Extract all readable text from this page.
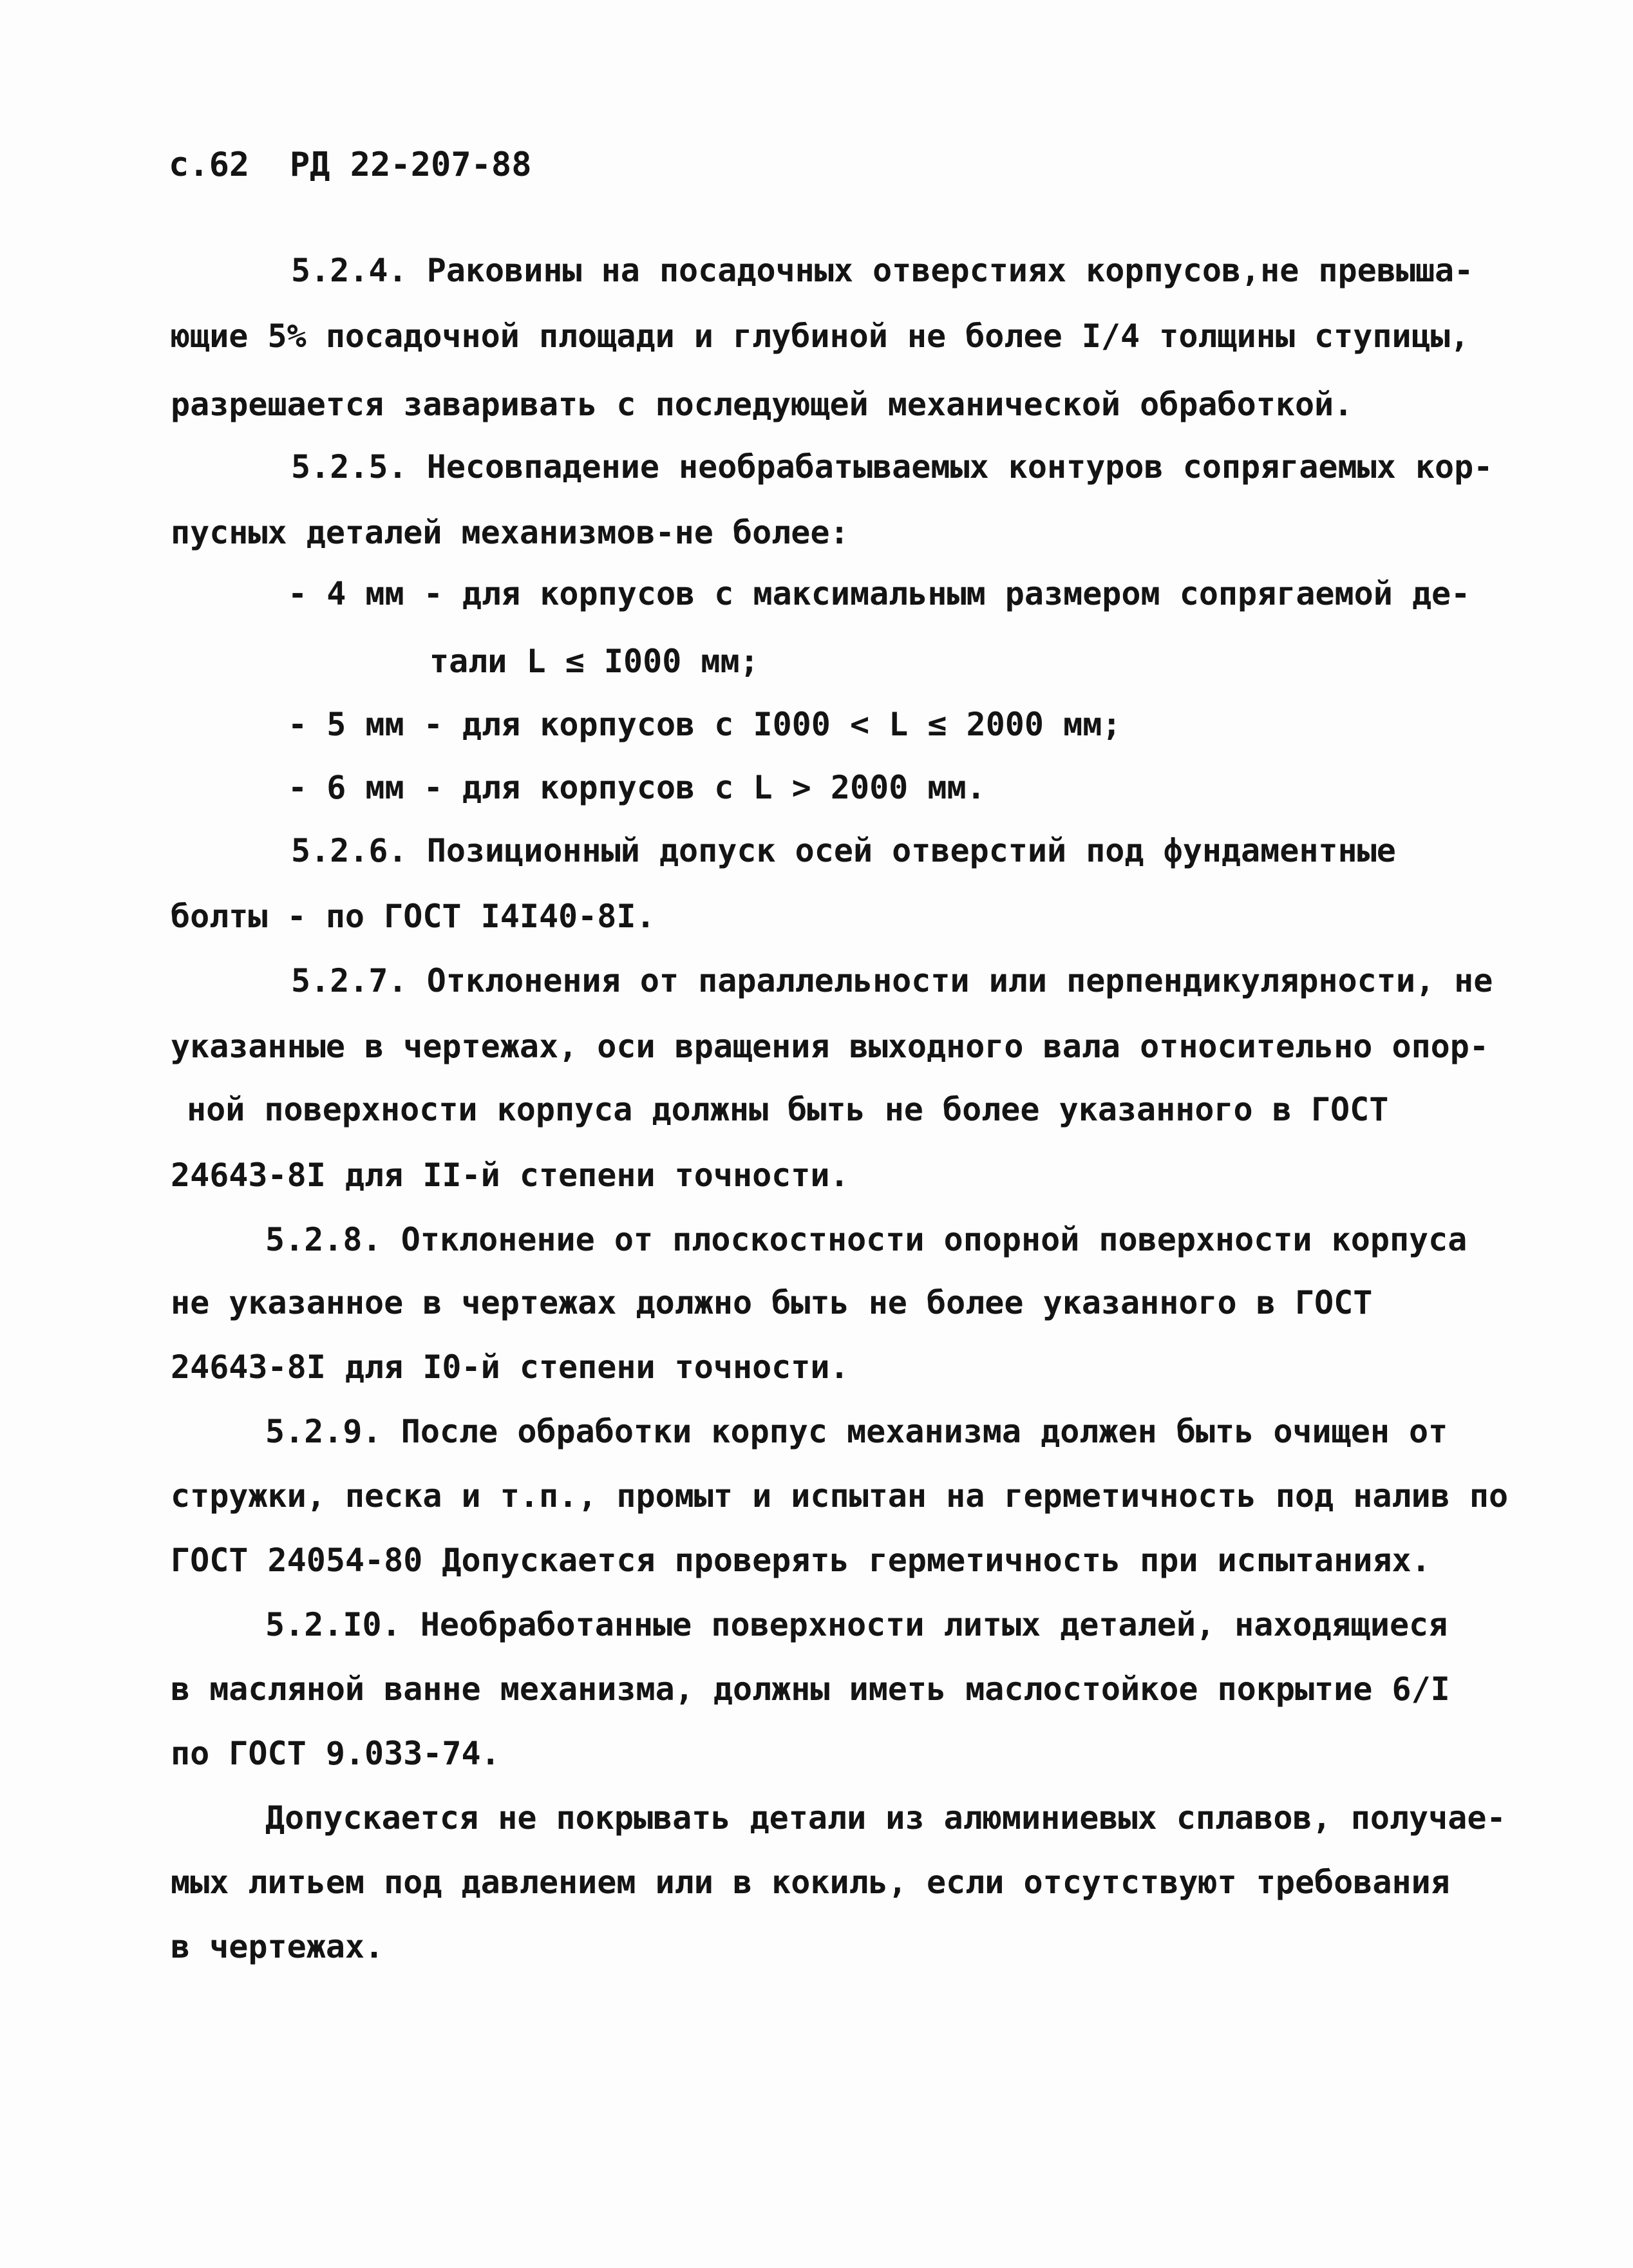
с.62 РД 22-207-88
5.2.4. Раковины на посадочных отверстиях корпусов,не превыша-
ющие 5% посадочной площади и глубиной не более I/4 толщины ступицы,
разрешается заваривать с последующей механической обработкой.
5.2.5. Несовпадение необрабатываемых контуров сопрягаемых кор-
пусных деталей механизмов-не более:
- 4 мм - для корпусов с максимальным размером сопрягаемой де-
тали L ≤ I000 мм;
- 5 мм - для корпусов с I000 < L ≤ 2000 мм;
- 6 мм - для корпусов с L > 2000 мм.
5.2.6. Позиционный допуск осей отверстий под фундаментные
болты - по ГОСТ I4I40-8I.
5.2.7. Отклонения от параллельности или перпендикулярности, не
указанные в чертежах, оси вращения выходного вала относительно опор-
ной поверхности корпуса должны быть не более указанного в ГОСТ
24643-8I для II-й степени точности.
5.2.8. Отклонение от плоскостности опорной поверхности корпуса
не указанное в чертежах должно быть не более указанного в ГОСТ
24643-8I для I0-й степени точности.
5.2.9. После обработки корпус механизма должен быть очищен от
стружки, песка и т.п., промыт и испытан на герметичность под налив по
ГОСТ 24054-80 Допускается проверять герметичность при испытаниях.
5.2.I0. Необработанные поверхности литых деталей, находящиеся
в масляной ванне механизма, должны иметь маслостойкое покрытие 6/I
по ГОСТ 9.033-74.
Допускается не покрывать детали из алюминиевых сплавов, получае-
мых литьем под давлением или в кокиль, если отсутствуют требования
в чертежах.
